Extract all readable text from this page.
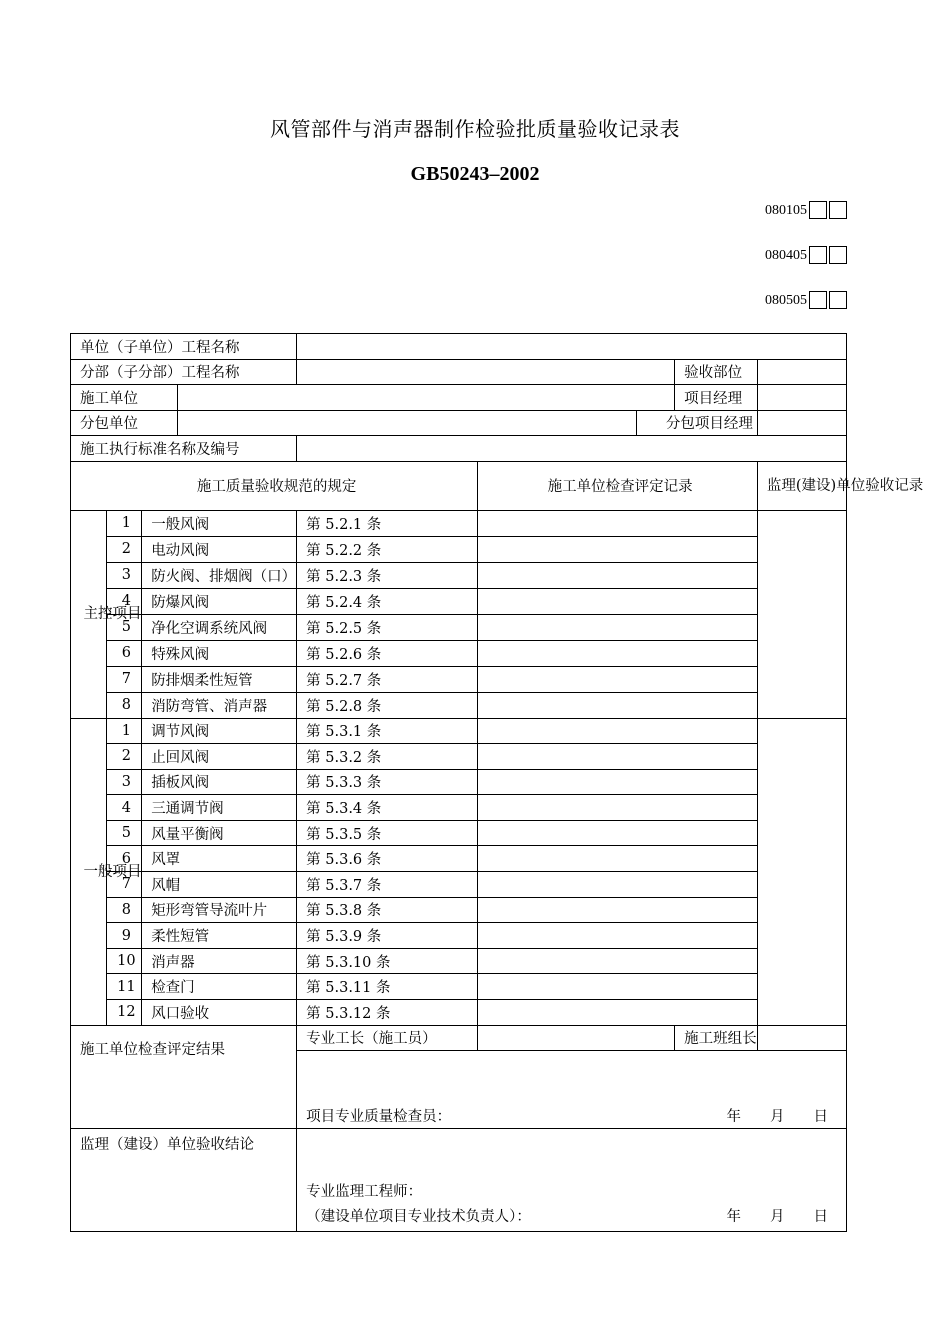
风管部件与消声器制作检验批质量验收记录表
GB50243–2002
080105
080405
080505
单位（子单位）工程名称								
分部（子分部）工程名称							验收部位	
施工单位							项目经理	
分包单位						分包项目经理		
施工执行标准名称及编号								
施工质量验收规范的规定					施工单位检查评定记录			监理(建设)单位验收记录
主控项目	1	一般风阀		第 5.2.1 条				
	2	电动风阀		第 5.2.2 条				
	3	防火阀、排烟阀（口）		第 5.2.3 条				
	4	防爆风阀		第 5.2.4 条				
	5	净化空调系统风阀		第 5.2.5 条				
	6	特殊风阀		第 5.2.6 条				
	7	防排烟柔性短管		第 5.2.7 条				
	8	消防弯管、消声器		第 5.2.8 条				
一般项目	1	调节风阀		第 5.3.1 条				
	2	止回风阀		第 5.3.2 条				
	3	插板风阀		第 5.3.3 条				
	4	三通调节阀		第 5.3.4 条				
	5	风量平衡阀		第 5.3.5 条				
	6	风罩		第 5.3.6 条				
	7	风帽		第 5.3.7 条				
	8	矩形弯管导流叶片		第 5.3.8 条				
	9	柔性短管		第 5.3.9 条				
	10	消声器		第 5.3.10 条				
	11	检查门		第 5.3.11 条				
	12	风口验收		第 5.3.12 条				
施工单位检查评定结果				专业工长（施工员）			施工班组长	

				项目专业质量检查员： 年　　月　　日				

监理（建设）单位验收结论				专业监理工程师：
（建设单位项目专业技术负责人）： 年　　月　　日				
